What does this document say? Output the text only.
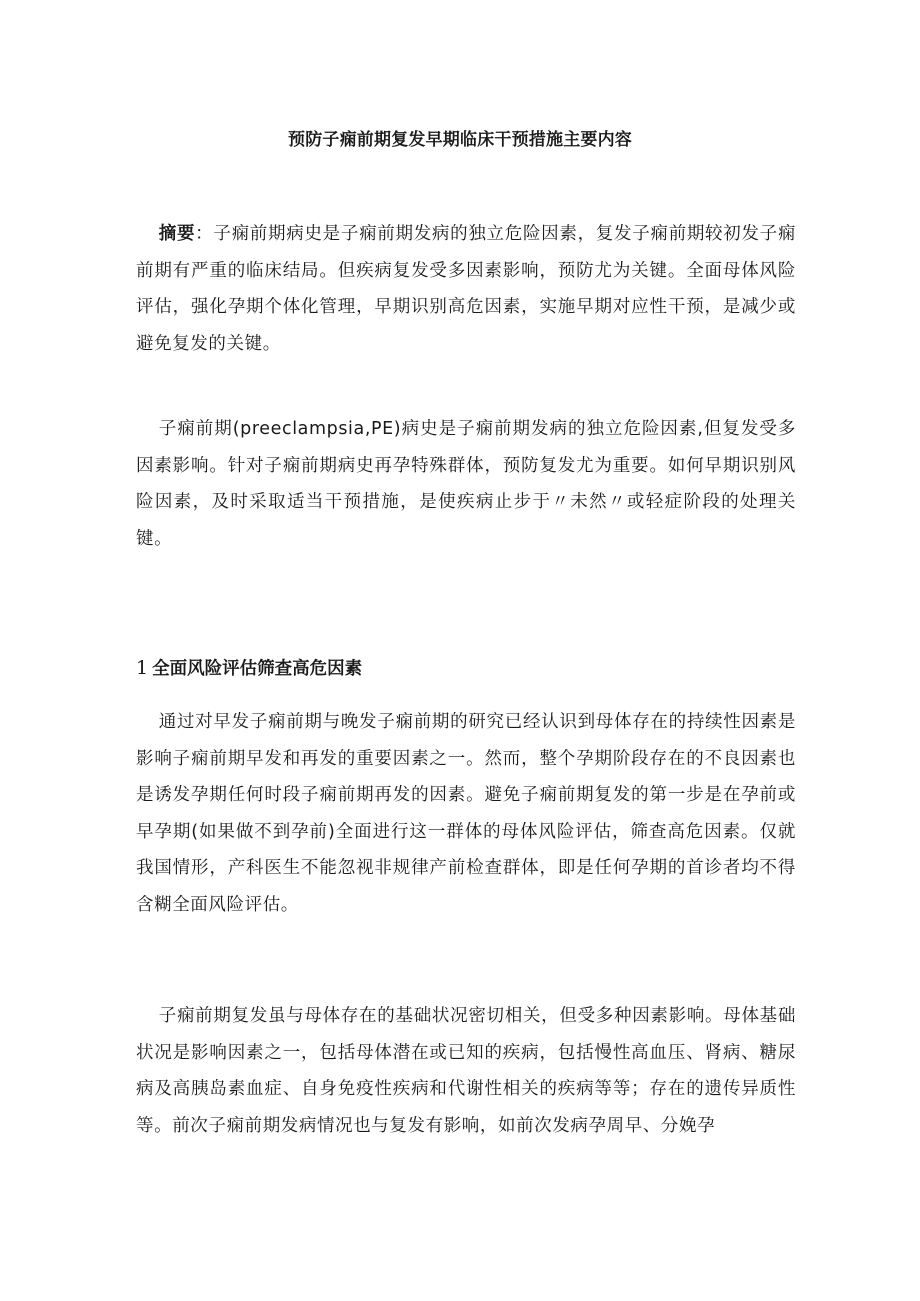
预防子痫前期复发早期临床干预措施主要内容

摘要：子痫前期病史是子痫前期发病的独立危险因素，复发子痫前期较初发子痫前期有严重的临床结局。但疾病复发受多因素影响，预防尤为关键。全面母体风险评估，强化孕期个体化管理，早期识别高危因素，实施早期对应性干预，是减少或避免复发的关键。

子痫前期(preeclampsia,PE)病史是子痫前期发病的独立危险因素,但复发受多因素影响。针对子痫前期病史再孕特殊群体，预防复发尤为重要。如何早期识别风险因素，及时采取适当干预措施，是使疾病止步于〃未然〃或轻症阶段的处理关键。

1 全面风险评估筛查高危因素

通过对早发子痫前期与晚发子痫前期的研究已经认识到母体存在的持续性因素是影响子痫前期早发和再发的重要因素之一。然而，整个孕期阶段存在的不良因素也是诱发孕期任何时段子痫前期再发的因素。避免子痫前期复发的第一步是在孕前或早孕期(如果做不到孕前)全面进行这一群体的母体风险评估，筛查高危因素。仅就我国情形，产科医生不能忽视非规律产前检查群体，即是任何孕期的首诊者均不得含糊全面风险评估。

子痫前期复发虽与母体存在的基础状况密切相关，但受多种因素影响。母体基础状况是影响因素之一，包括母体潜在或已知的疾病，包括慢性高血压、肾病、糖尿病及高胰岛素血症、自身免疫性疾病和代谢性相关的疾病等等；存在的遗传异质性等。前次子痫前期发病情况也与复发有影响，如前次发病孕周早、分娩孕
